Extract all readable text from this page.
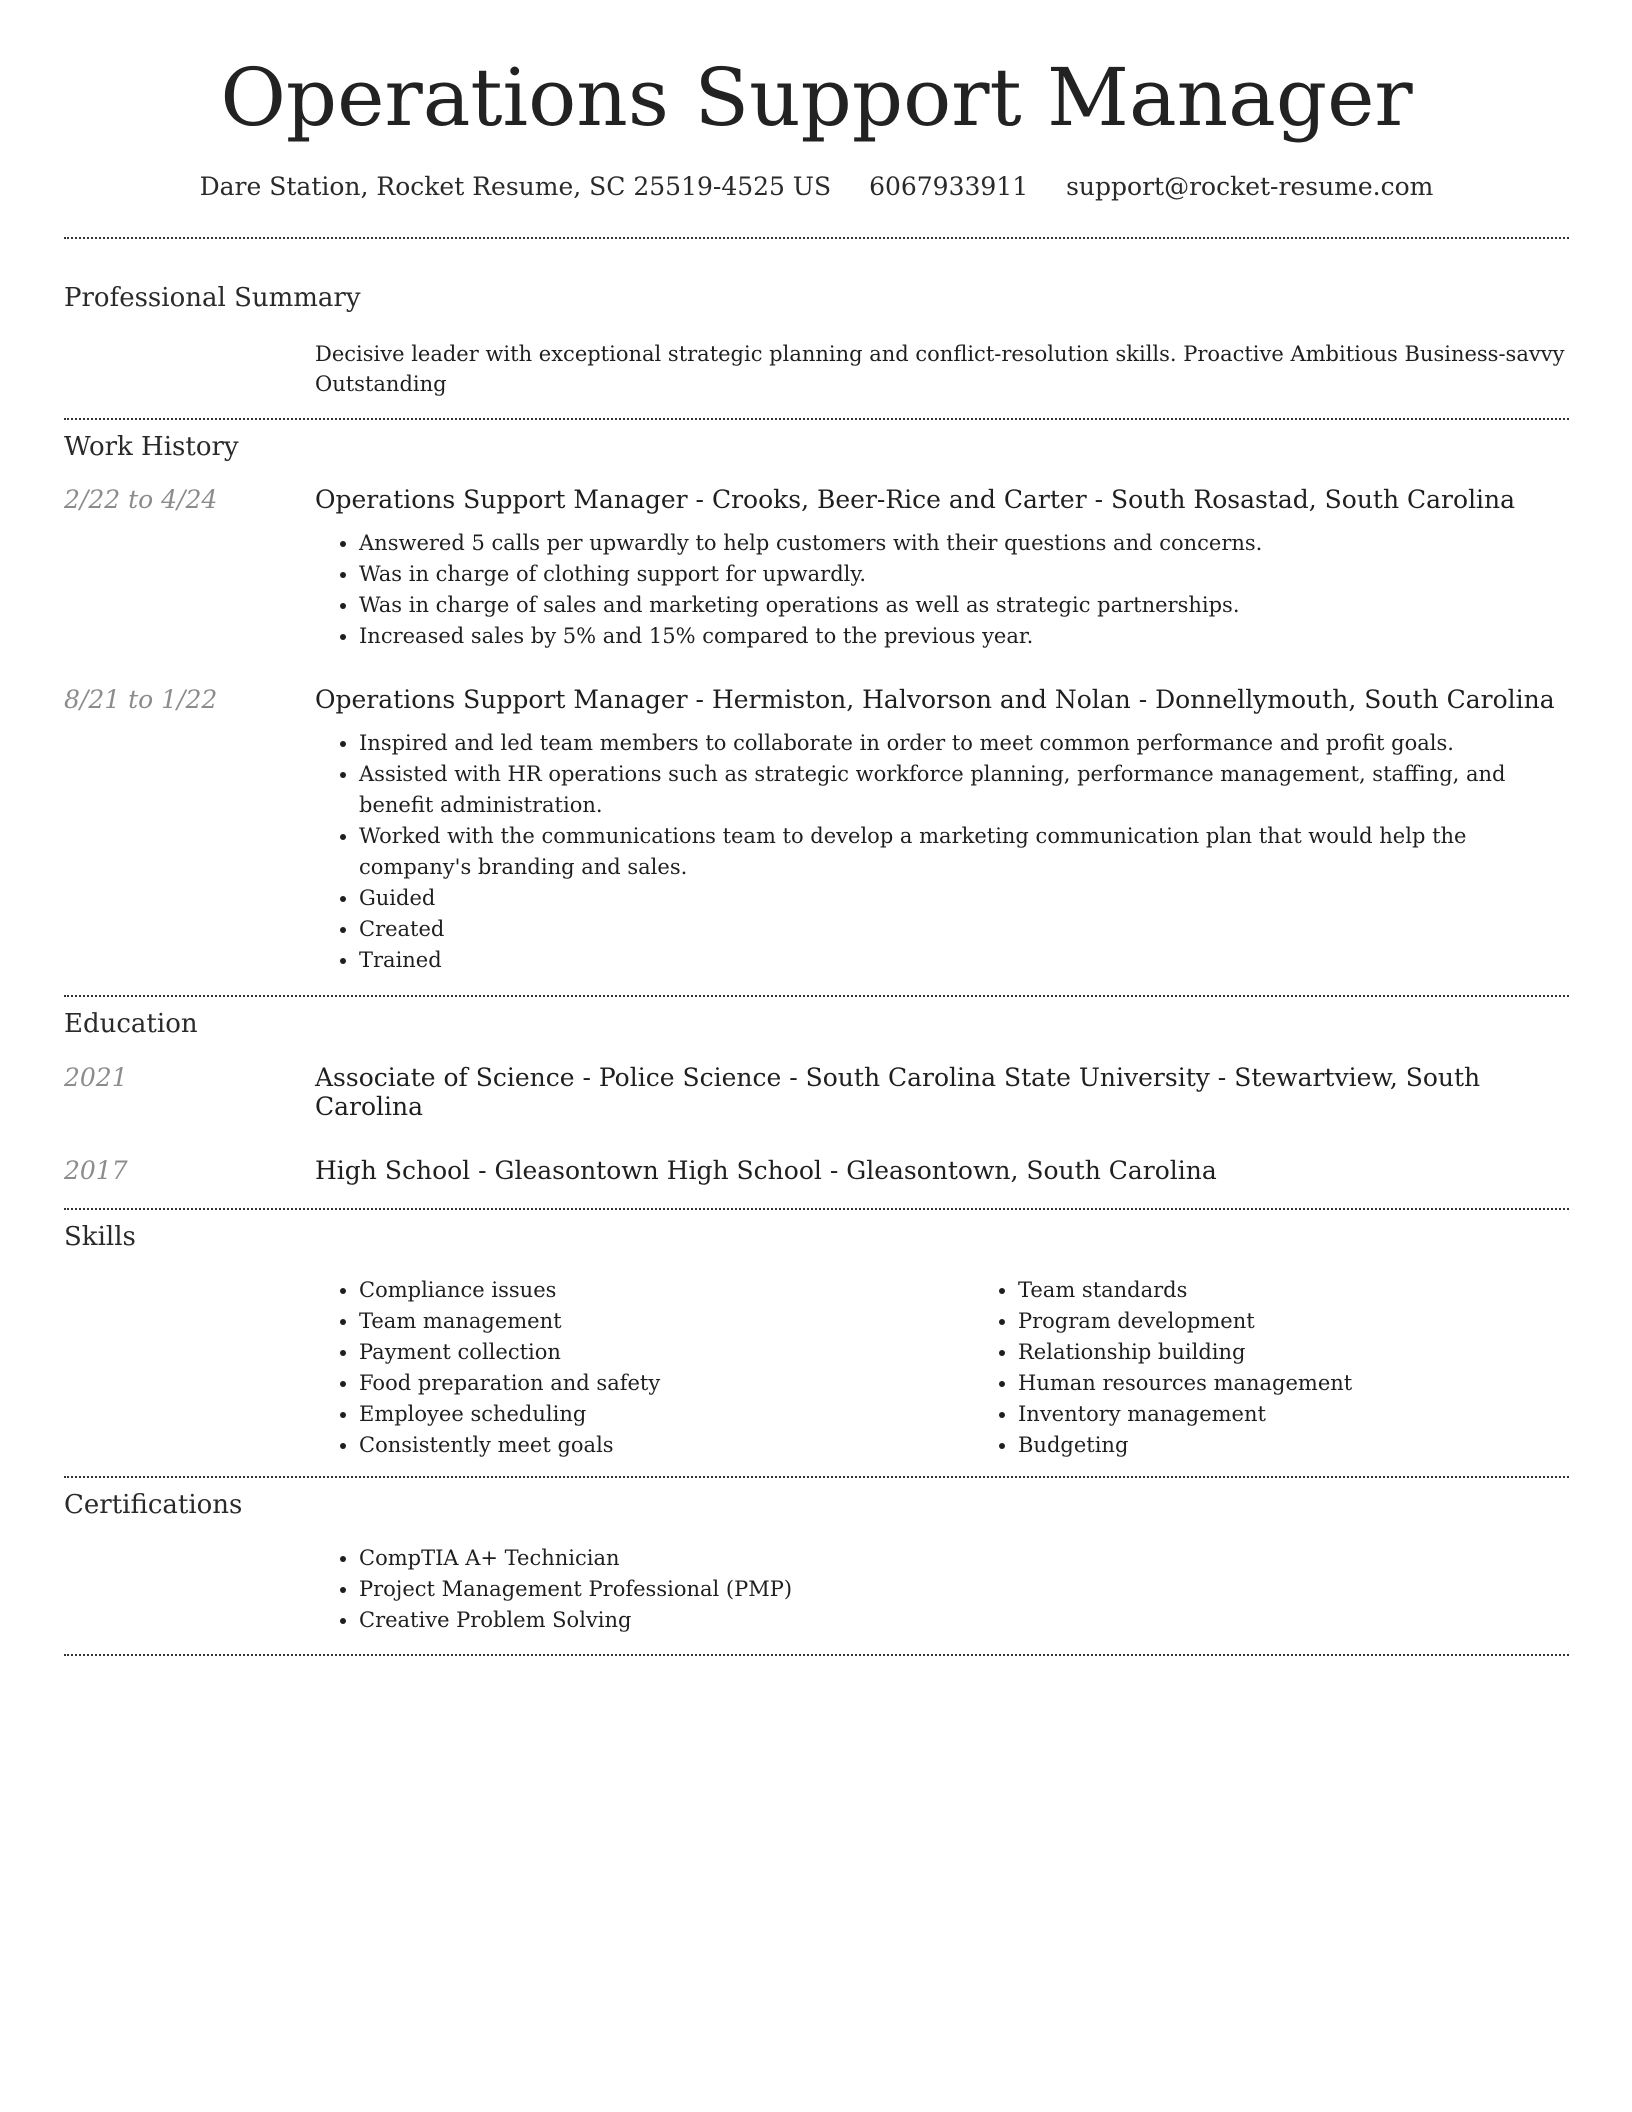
Operations Support Manager
Dare Station, Rocket Resume, SC 25519-4525 US 6067933911 support@rocket-resume.com
Professional Summary
Decisive leader with exceptional strategic planning and conflict-resolution skills. Proactive Ambitious Business-savvy Outstanding
Work History
2/22 to 4/24	Operations Support Manager - Crooks, Beer-Rice and Carter - South Rosastad, South Carolina
• Answered 5 calls per upwardly to help customers with their questions and concerns.
• Was in charge of clothing support for upwardly.
• Was in charge of sales and marketing operations as well as strategic partnerships.
• Increased sales by 5% and 15% compared to the previous year.
8/21 to 1/22	Operations Support Manager - Hermiston, Halvorson and Nolan - Donnellymouth, South Carolina
• Inspired and led team members to collaborate in order to meet common performance and profit goals.
• Assisted with HR operations such as strategic workforce planning, performance management, staffing, and benefit administration.
• Worked with the communications team to develop a marketing communication plan that would help the company's branding and sales.
• Guided
• Created
• Trained
Education
2021	Associate of Science - Police Science - South Carolina State University - Stewartview, South Carolina
2017	High School - Gleasontown High School - Gleasontown, South Carolina
Skills
• Compliance issues
• Team management
• Payment collection
• Food preparation and safety
• Employee scheduling
• Consistently meet goals
• Team standards
• Program development
• Relationship building
• Human resources management
• Inventory management
• Budgeting
Certifications
• CompTIA A+ Technician
• Project Management Professional (PMP)
• Creative Problem Solving
